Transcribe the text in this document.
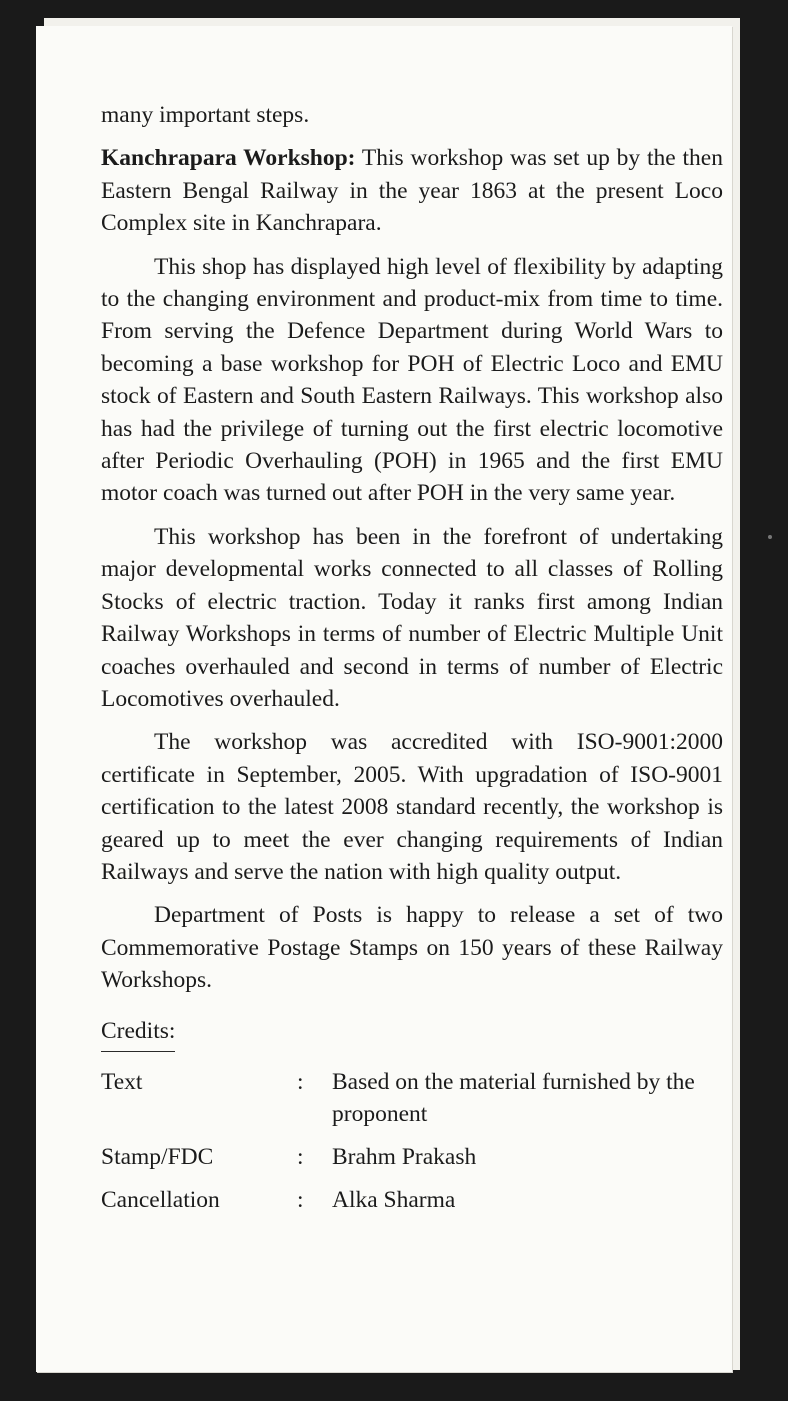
many important steps.

Kanchrapara Workshop: This workshop was set up by the then Eastern Bengal Railway in the year 1863 at the present Loco Complex site in Kanchrapara.

This shop has displayed high level of flexibility by adapting to the changing environment and product-mix from time to time. From serving the Defence Department during World Wars to becoming a base workshop for POH of Electric Loco and EMU stock of Eastern and South Eastern Railways. This workshop also has had the privilege of turning out the first electric locomotive after Periodic Overhauling (POH) in 1965 and the first EMU motor coach was turned out after POH in the very same year.

This workshop has been in the forefront of undertaking major developmental works connected to all classes of Rolling Stocks of electric traction. Today it ranks first among Indian Railway Workshops in terms of number of Electric Multiple Unit coaches overhauled and second in terms of number of Electric Locomotives overhauled.

The workshop was accredited with ISO-9001:2000 certificate in September, 2005. With upgradation of ISO-9001 certification to the latest 2008 standard recently, the workshop is geared up to meet the ever changing requirements of Indian Railways and serve the nation with high quality output.

Department of Posts is happy to release a set of two Commemorative Postage Stamps on 150 years of these Railway Workshops.

Credits:
Text	:	Based on the material furnished by the proponent
Stamp/FDC	:	Brahm Prakash
Cancellation	:	Alka Sharma
